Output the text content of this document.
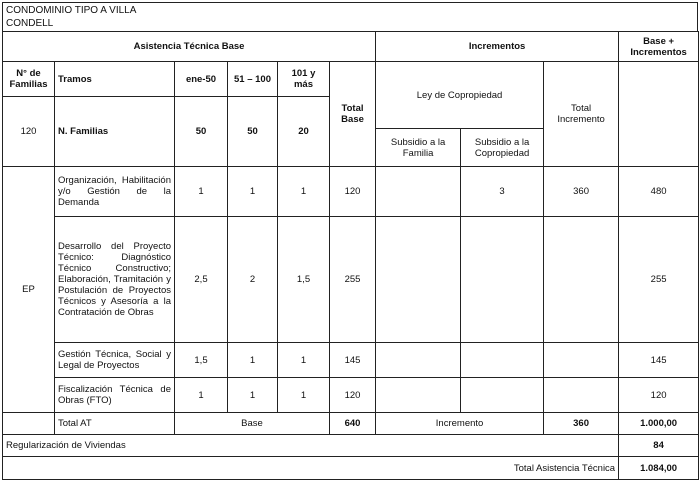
CONDOMINIO TIPO A VILLA
CONDELL
Asistencia Técnica Base						Incrementos			Base + Incrementos
N° de Familias	Tramos	ene-50	51 – 100	101 y más	Total Base	Ley de Copropiedad		Total Incremento	
120	N. Familias	50	50	20					
						Subsidio a la Familia	Subsidio a la Copropiedad		
EP	Organización, Habilitación y/o Gestión de la Demanda	1	1	1	120		3	360	480
	Desarrollo del Proyecto Técnico: Diagnóstico Técnico Constructivo; Elaboración, Tramitación y Postulación de Proyectos Técnicos y Asesoría a la Contratación de Obras	2,5	2	1,5	255				255
	Gestión Técnica, Social y Legal de Proyectos	1,5	1	1	145				145
	Fiscalización Técnica de Obras (FTO)	1	1	1	120				120
	Total AT	Base			640	Incremento		360	1.000,00
Regularización de Viviendas									84
Total Asistencia Técnica									1.084,00
